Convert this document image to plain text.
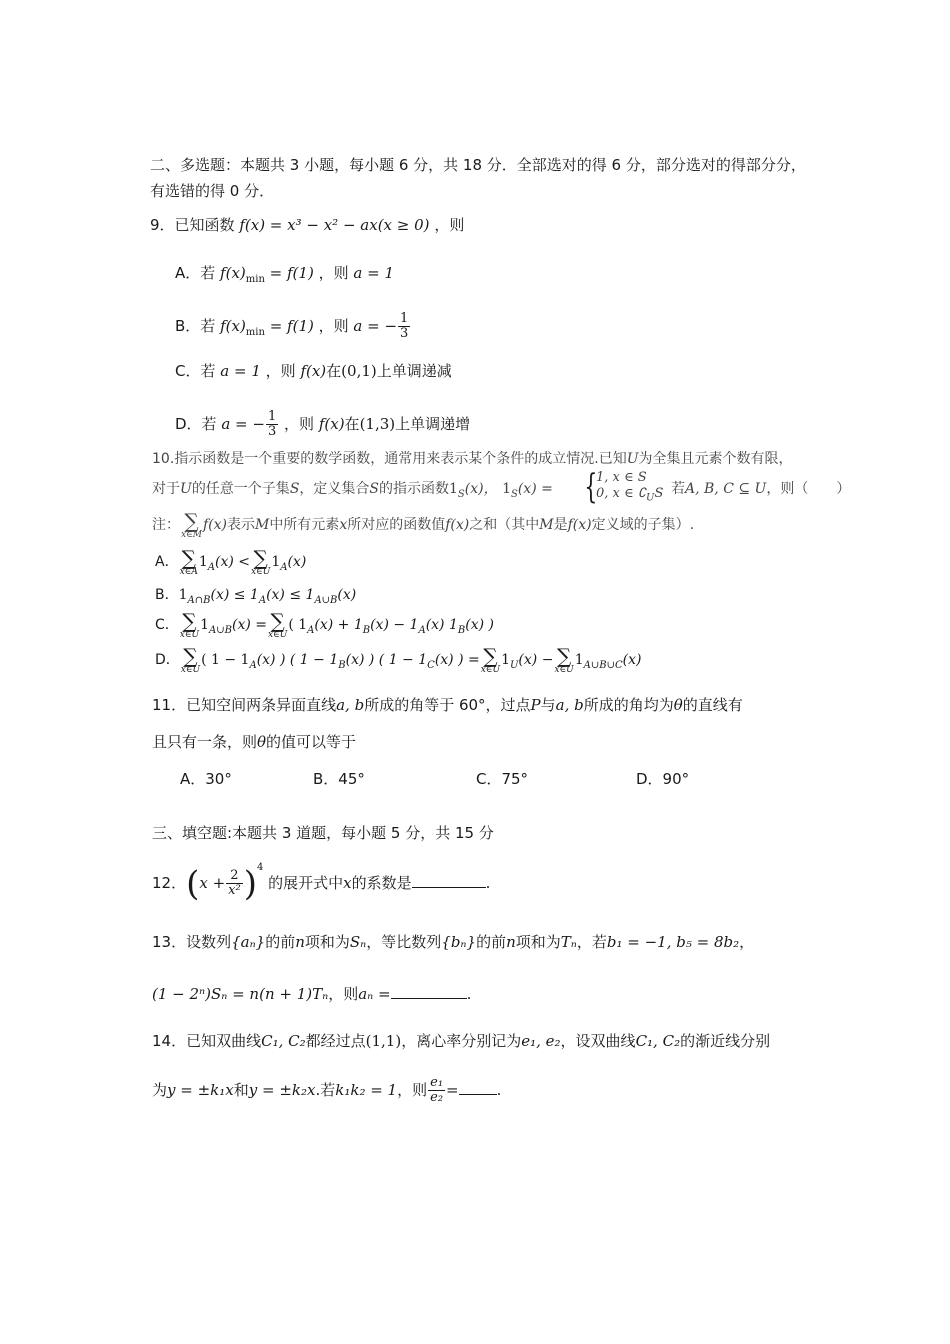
二、多选题：本题共 3 小题，每小题 6 分，共 18 分．全部选对的得 6 分，部分选对的得部分分，
有选错的得 0 分．
9．已知函数 f(x) = x³ − x² − ax(x ≥ 0) ，则
A．若 $f(x)_{min} = f(1)$ ，则 a = 1
B．若 $f(x)_{min} = f(1)$ ，则 a = − $\frac{1}{3}$
C．若 a = 1 ，则 f(x)在(0,1)上单调递减
D．若 a = − $\frac{1}{3}$ ，则 f(x)在(1,3)上单调递增
10.指示函数是一个重要的数学函数，通常用来表示某个条件的成立情况.已知U为全集且元素个数有限，
对于U的任意一个子集S，定义集合S的指示函数$1_S(x)$， $1_S(x)$ = {
1, x ∈ S
0, x ∈ $∁_US$ 若A, B, C ⊆ U，则（　　）
注： ∑
x∈M
f(x)表示M中所有元素x所对应的函数值f(x)之和（其中M是f(x)定义域的子集）.
A． ∑
x∈A
$1_A(x)$ < ∑
x∈U
$1_A(x)$
B．$1_{A\cap B}(x) \le 1_A(x) \le 1_{A\cup B}(x)$
C． ∑
x∈U
$1_{A\cup B}(x)$ = ∑
x∈U
( $1_A(x) + 1_B(x) - 1_A(x)$ $1_B(x)$ )
D． ∑
x∈U
( $1 - 1_A(x)$ ) ( $1 - 1_B(x)$ ) ( $1 - 1_C(x)$ ) = ∑
x∈U
$1_U(x)$ − ∑
x∈U
$1_{A\cup B\cup C}(x)$
11．已知空间两条异面直线a, b所成的角等于 60°，过点P与a, b所成的角均为θ的直线有
且只有一条，则θ的值可以等于
A．30°	B．45°	C．75°	D．90°
三、填空题:本题共 3 道题，每小题 5 分，共 15 分
12．$(x + \frac{2}{\text{x²}} )^4$ 的展开式中x的系数是	.
13．设数列{aₙ}的前n项和为Sₙ，等比数列{bₙ}的前n项和为Tₙ，若b₁ = −1, b₅ = 8b₂，
(1 − 2ⁿ)Sₙ = n(n + 1)Tₙ，则aₙ =	.
14．已知双曲线C₁, C₂都经过点(1,1)，离心率分别记为e₁, e₂，设双曲线C₁, C₂的渐近线分别
为y = ±k₁x和y = ±k₂x.若k₁k₂ = 1，则 $\frac{\text{e₁}}{\text{e₂}}$ =	.
